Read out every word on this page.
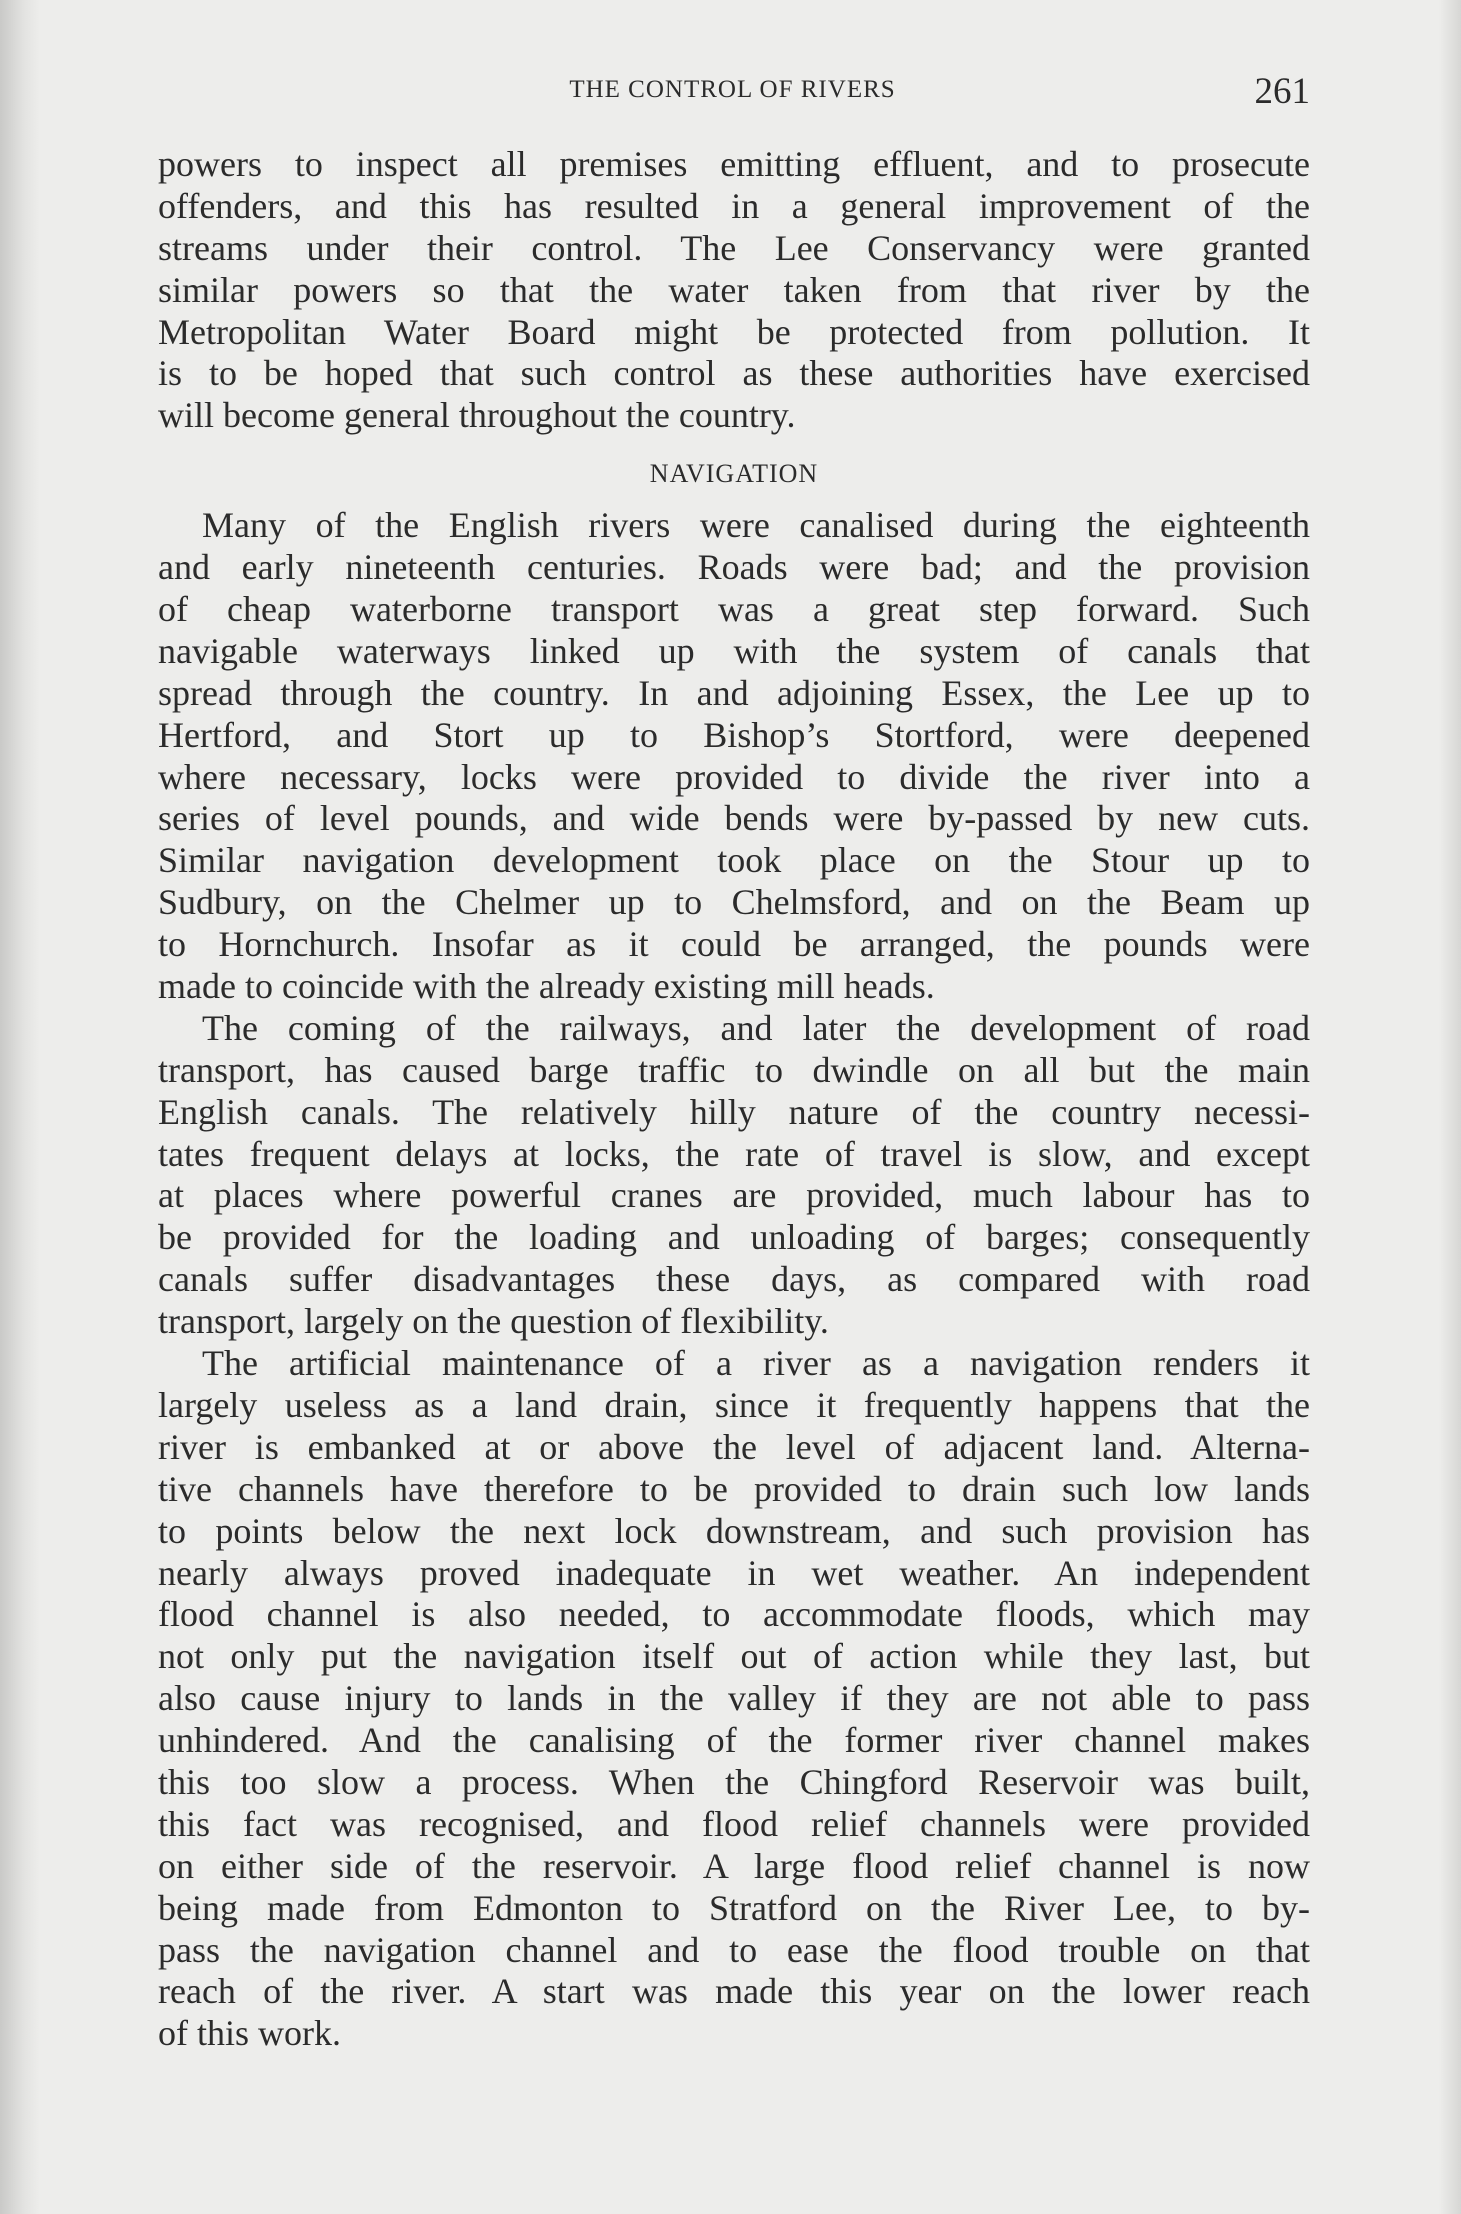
THE CONTROL OF RIVERS	261
powers to inspect all premises emitting effluent, and to prosecute
offenders, and this has resulted in a general improvement of the
streams under their control. The Lee Conservancy were granted
similar powers so that the water taken from that river by the
Metropolitan Water Board might be protected from pollution. It
is to be hoped that such control as these authorities have exercised
will become general throughout the country.
NAVIGATION
Many of the English rivers were canalised during the eighteenth
and early nineteenth centuries. Roads were bad; and the provision
of cheap waterborne transport was a great step forward. Such
navigable waterways linked up with the system of canals that
spread through the country. In and adjoining Essex, the Lee up to
Hertford, and Stort up to Bishop’s Stortford, were deepened
where necessary, locks were provided to divide the river into a
series of level pounds, and wide bends were by-passed by new cuts.
Similar navigation development took place on the Stour up to
Sudbury, on the Chelmer up to Chelmsford, and on the Beam up
to Hornchurch. Insofar as it could be arranged, the pounds were
made to coincide with the already existing mill heads.
The coming of the railways, and later the development of road
transport, has caused barge traffic to dwindle on all but the main
English canals. The relatively hilly nature of the country necessi-
tates frequent delays at locks, the rate of travel is slow, and except
at places where powerful cranes are provided, much labour has to
be provided for the loading and unloading of barges; consequently
canals suffer disadvantages these days, as compared with road
transport, largely on the question of flexibility.
The artificial maintenance of a river as a navigation renders it
largely useless as a land drain, since it frequently happens that the
river is embanked at or above the level of adjacent land. Alterna-
tive channels have therefore to be provided to drain such low lands
to points below the next lock downstream, and such provision has
nearly always proved inadequate in wet weather. An independent
flood channel is also needed, to accommodate floods, which may
not only put the navigation itself out of action while they last, but
also cause injury to lands in the valley if they are not able to pass
unhindered. And the canalising of the former river channel makes
this too slow a process. When the Chingford Reservoir was built,
this fact was recognised, and flood relief channels were provided
on either side of the reservoir. A large flood relief channel is now
being made from Edmonton to Stratford on the River Lee, to by-
pass the navigation channel and to ease the flood trouble on that
reach of the river. A start was made this year on the lower reach
of this work.
